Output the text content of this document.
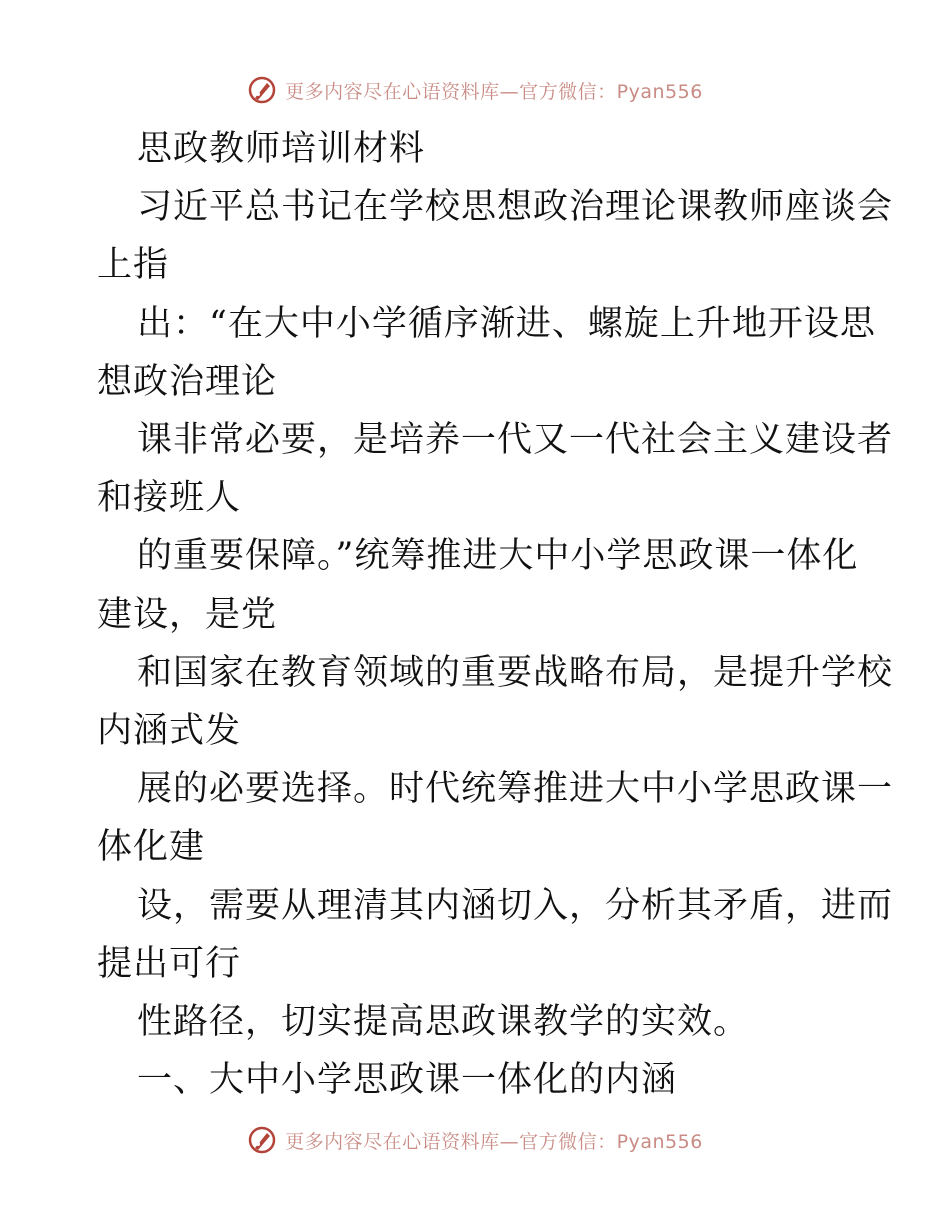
更多内容尽在心语资料库—官方微信：Pyan556
思政教师培训材料
习近平总书记在学校思想政治理论课教师座谈会
上指
出：“在大中小学循序渐进、螺旋上升地开设思
想政治理论
课非常必要，是培养一代又一代社会主义建设者
和接班人
的重要保障。”统筹推进大中小学思政课一体化
建设，是党
和国家在教育领域的重要战略布局，是提升学校
内涵式发
展的必要选择。时代统筹推进大中小学思政课一
体化建
设，需要从理清其内涵切入，分析其矛盾，进而
提出可行
性路径，切实提高思政课教学的实效。
一、大中小学思政课一体化的内涵
更多内容尽在心语资料库—官方微信：Pyan556
